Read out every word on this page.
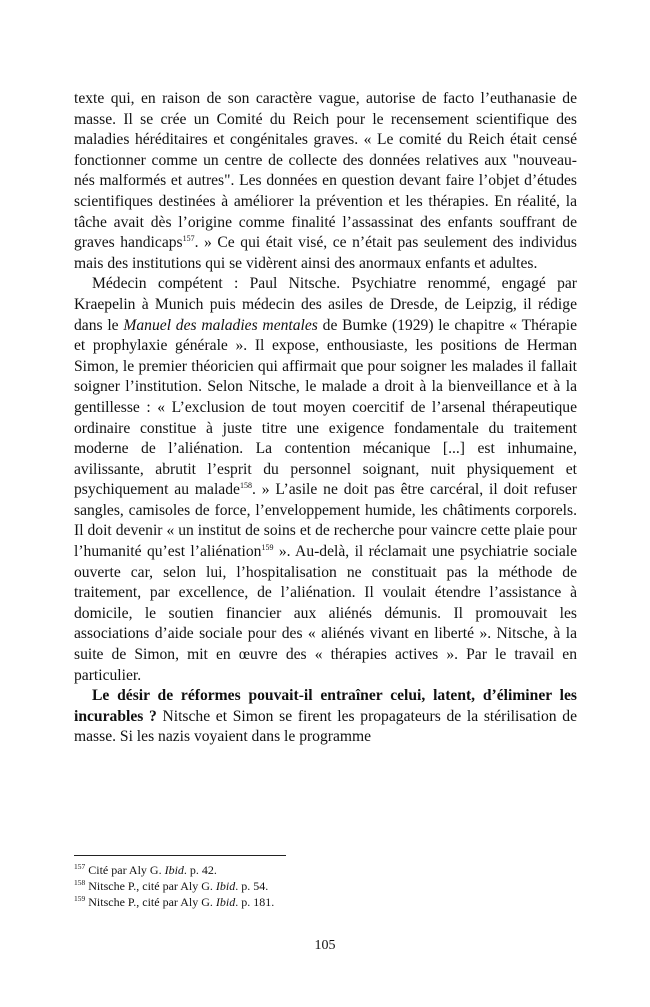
texte qui, en raison de son caractère vague, autorise de facto l’euthanasie de masse. Il se crée un Comité du Reich pour le recensement scientifique des maladies héréditaires et congénitales graves. « Le comité du Reich était censé fonctionner comme un centre de collecte des données relatives aux "nouveau-nés malformés et autres". Les données en question devant faire l’objet d’études scientifiques destinées à améliorer la prévention et les thérapies. En réalité, la tâche avait dès l’origine comme finalité l’assassinat des enfants souffrant de graves handicaps$^{157}$. » Ce qui était visé, ce n’était pas seulement des individus mais des institutions qui se vidèrent ainsi des anormaux enfants et adultes.

Médecin compétent : Paul Nitsche. Psychiatre renommé, engagé par Kraepelin à Munich puis médecin des asiles de Dresde, de Leipzig, il rédige dans le Manuel des maladies mentales de Bumke (1929) le chapitre « Thérapie et prophylaxie générale ». Il expose, enthousiaste, les positions de Herman Simon, le premier théoricien qui affirmait que pour soigner les malades il fallait soigner l’institution. Selon Nitsche, le malade a droit à la bienveillance et à la gentillesse : « L’exclusion de tout moyen coercitif de l’arsenal thérapeutique ordinaire constitue à juste titre une exigence fondamentale du traitement moderne de l’aliénation. La contention mécanique [...] est inhumaine, avilissante, abrutit l’esprit du personnel soignant, nuit physiquement et psychiquement au malade$^{158}$. » L’asile ne doit pas être carcéral, il doit refuser sangles, camisoles de force, l’enveloppement humide, les châtiments corporels. Il doit devenir « un institut de soins et de recherche pour vaincre cette plaie pour l’humanité qu’est l’aliénation$^{159}$ ». Au-delà, il réclamait une psychiatrie sociale ouverte car, selon lui, l’hospitalisation ne constituait pas la méthode de traitement, par excellence, de l’aliénation. Il voulait étendre l’assistance à domicile, le soutien financier aux aliénés démunis. Il promouvait les associations d’aide sociale pour des « aliénés vivant en liberté ». Nitsche, à la suite de Simon, mit en œuvre des « thérapies actives ». Par le travail en particulier.

Le désir de réformes pouvait-il entraîner celui, latent, d’éliminer les incurables ? Nitsche et Simon se firent les propagateurs de la stérilisation de masse. Si les nazis voyaient dans le programme

$^{157}$ Cité par Aly G. Ibid. p. 42.

$^{158}$ Nitsche P., cité par Aly G. Ibid. p. 54.

$^{159}$ Nitsche P., cité par Aly G. Ibid. p. 181.

105
